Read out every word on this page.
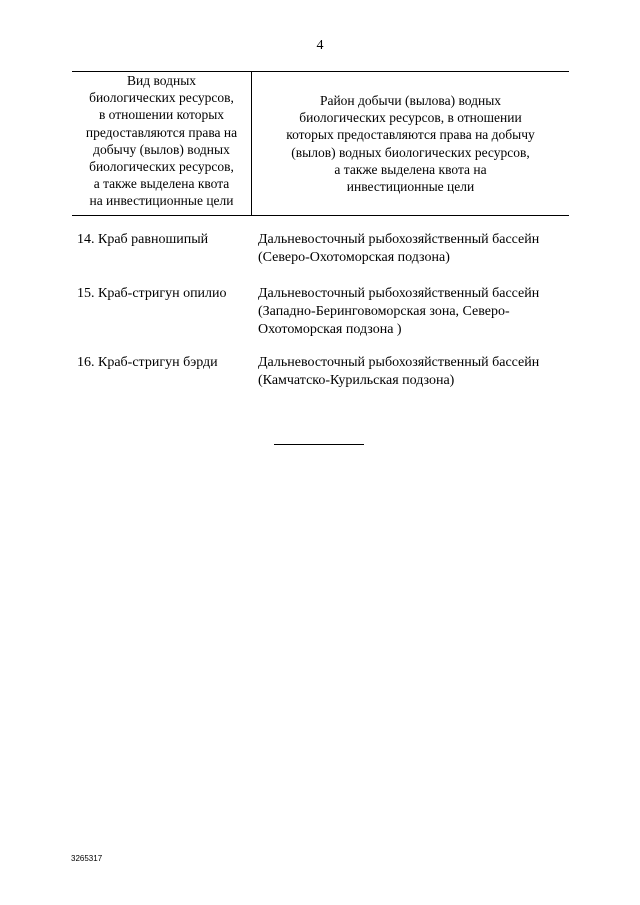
4
Вид водных
биологических ресурсов,
в отношении которых
предоставляются права на
добычу (вылов) водных
биологических ресурсов,
а также выделена квота
на инвестиционные цели
Район добычи (вылова) водных
биологических ресурсов, в отношении
которых предоставляются права на добычу
(вылов) водных биологических ресурсов,
а также выделена квота на
инвестиционные цели
14. Краб равношипый	Дальневосточный рыбохозяйственный бассейн
(Северо-Охотоморская подзона)
15. Краб-стригун опилио Дальневосточный рыбохозяйственный бассейн
(Западно-Беринговоморская зона, Северо-
Охотоморская подзона )
16. Краб-стригун бэрди	Дальневосточный рыбохозяйственный бассейн
(Камчатско-Курильская подзона)
3265317
